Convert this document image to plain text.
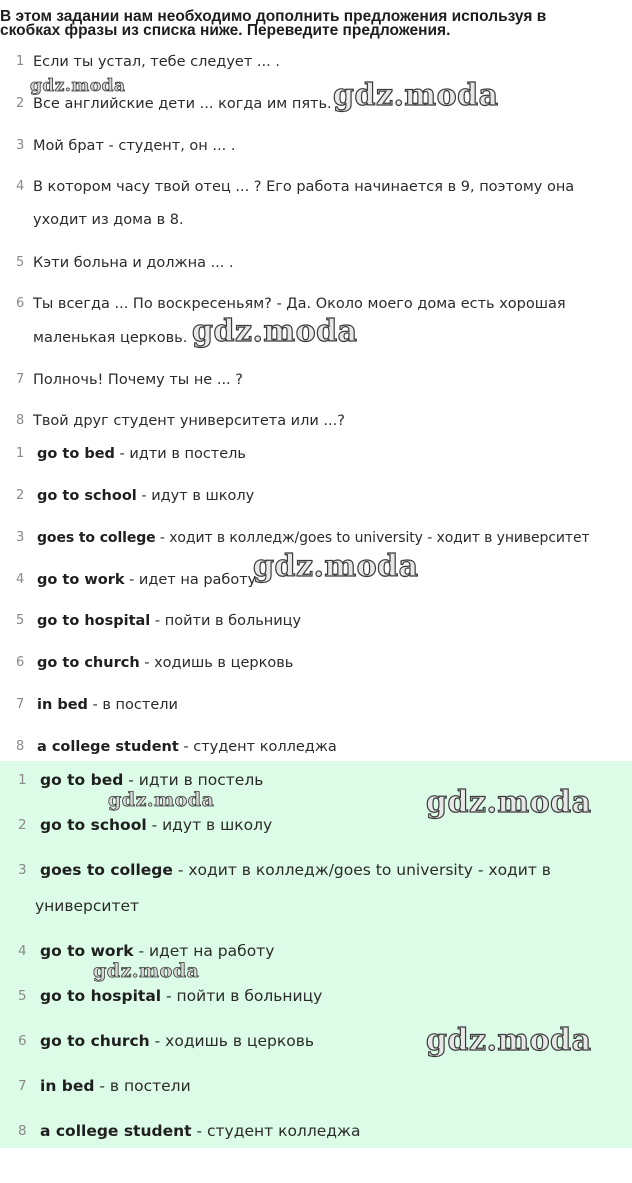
В этом задании нам необходимо дополнить предложения используя в
скобках фразы из списка ниже. Переведите предложения.
1 Если ты устал, тебе следует ... .
2 Все английские дети ... когда им пять.
3 Мой брат - студент, он ... .
4 В котором часу твой отец ... ? Его работа начинается в 9, поэтому она
уходит из дома в 8.
5 Кэти больна и должна ... .
6 Ты всегда ... По воскресеньям? - Да. Около моего дома есть хорошая
маленькая церковь.
7 Полночь! Почему ты не ... ?
8 Твой друг студент университета или ...?
1 go to bed - идти в постель
2 go to school - идут в школу
3 goes to college - ходит в колледж/goes to university - ходит в университет
4 go to work - идет на работу
5 go to hospital - пойти в больницу
6 go to church - ходишь в церковь
7 in bed - в постели
8 a college student - студент колледжа
1 go to bed - идти в постель
2 go to school - идут в школу
3 goes to college - ходит в колледж/goes to university - ходит в
университет
4 go to work - идет на работу
5 go to hospital - пойти в больницу
6 go to church - ходишь в церковь
7 in bed - в постели
8 a college student - студент колледжа
gdz.moda	gdz.moda
gdz.moda
gdz.moda
gdz.moda	gdz.moda
gdz.moda
gdz.moda
